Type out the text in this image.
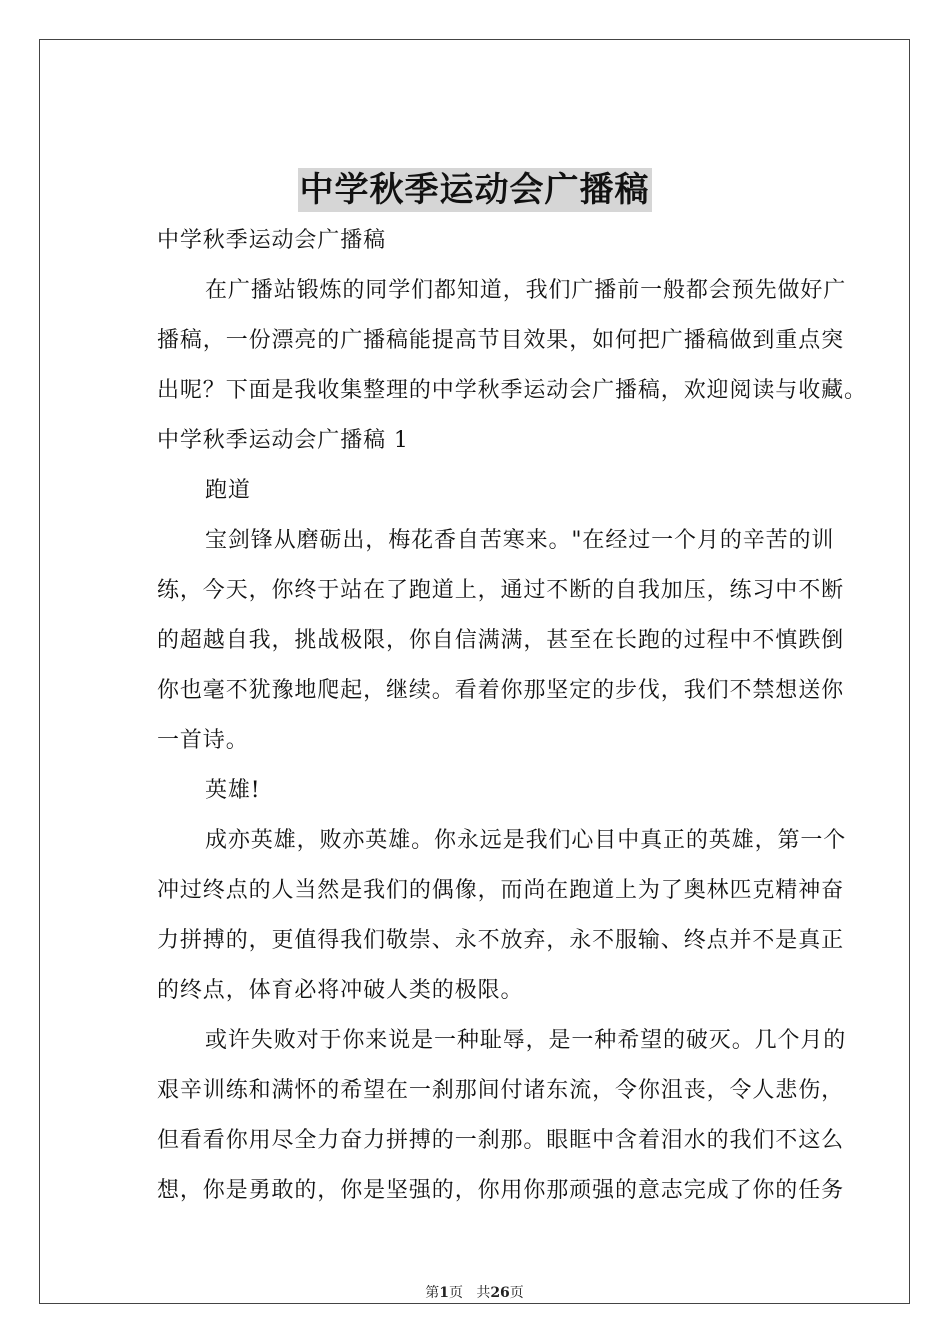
中学秋季运动会广播稿
中学秋季运动会广播稿
在广播站锻炼的同学们都知道，我们广播前一般都会预先做好广
播稿，一份漂亮的广播稿能提高节目效果，如何把广播稿做到重点突
出呢？下面是我收集整理的中学秋季运动会广播稿，欢迎阅读与收藏。
中学秋季运动会广播稿 1
跑道
宝剑锋从磨砺出，梅花香自苦寒来。"在经过一个月的辛苦的训
练，今天，你终于站在了跑道上，通过不断的自我加压，练习中不断
的超越自我，挑战极限，你自信满满，甚至在长跑的过程中不慎跌倒
你也毫不犹豫地爬起，继续。看着你那坚定的步伐，我们不禁想送你
一首诗。
英雄!
成亦英雄，败亦英雄。你永远是我们心目中真正的英雄，第一个
冲过终点的人当然是我们的偶像，而尚在跑道上为了奥林匹克精神奋
力拼搏的，更值得我们敬崇、永不放弃，永不服输、终点并不是真正
的终点，体育必将冲破人类的极限。
或许失败对于你来说是一种耻辱，是一种希望的破灭。几个月的
艰辛训练和满怀的希望在一刹那间付诸东流，令你沮丧，令人悲伤，
但看看你用尽全力奋力拼搏的一刹那。眼眶中含着泪水的我们不这么
想，你是勇敢的，你是坚强的，你用你那顽强的意志完成了你的任务
第1页 共26页
